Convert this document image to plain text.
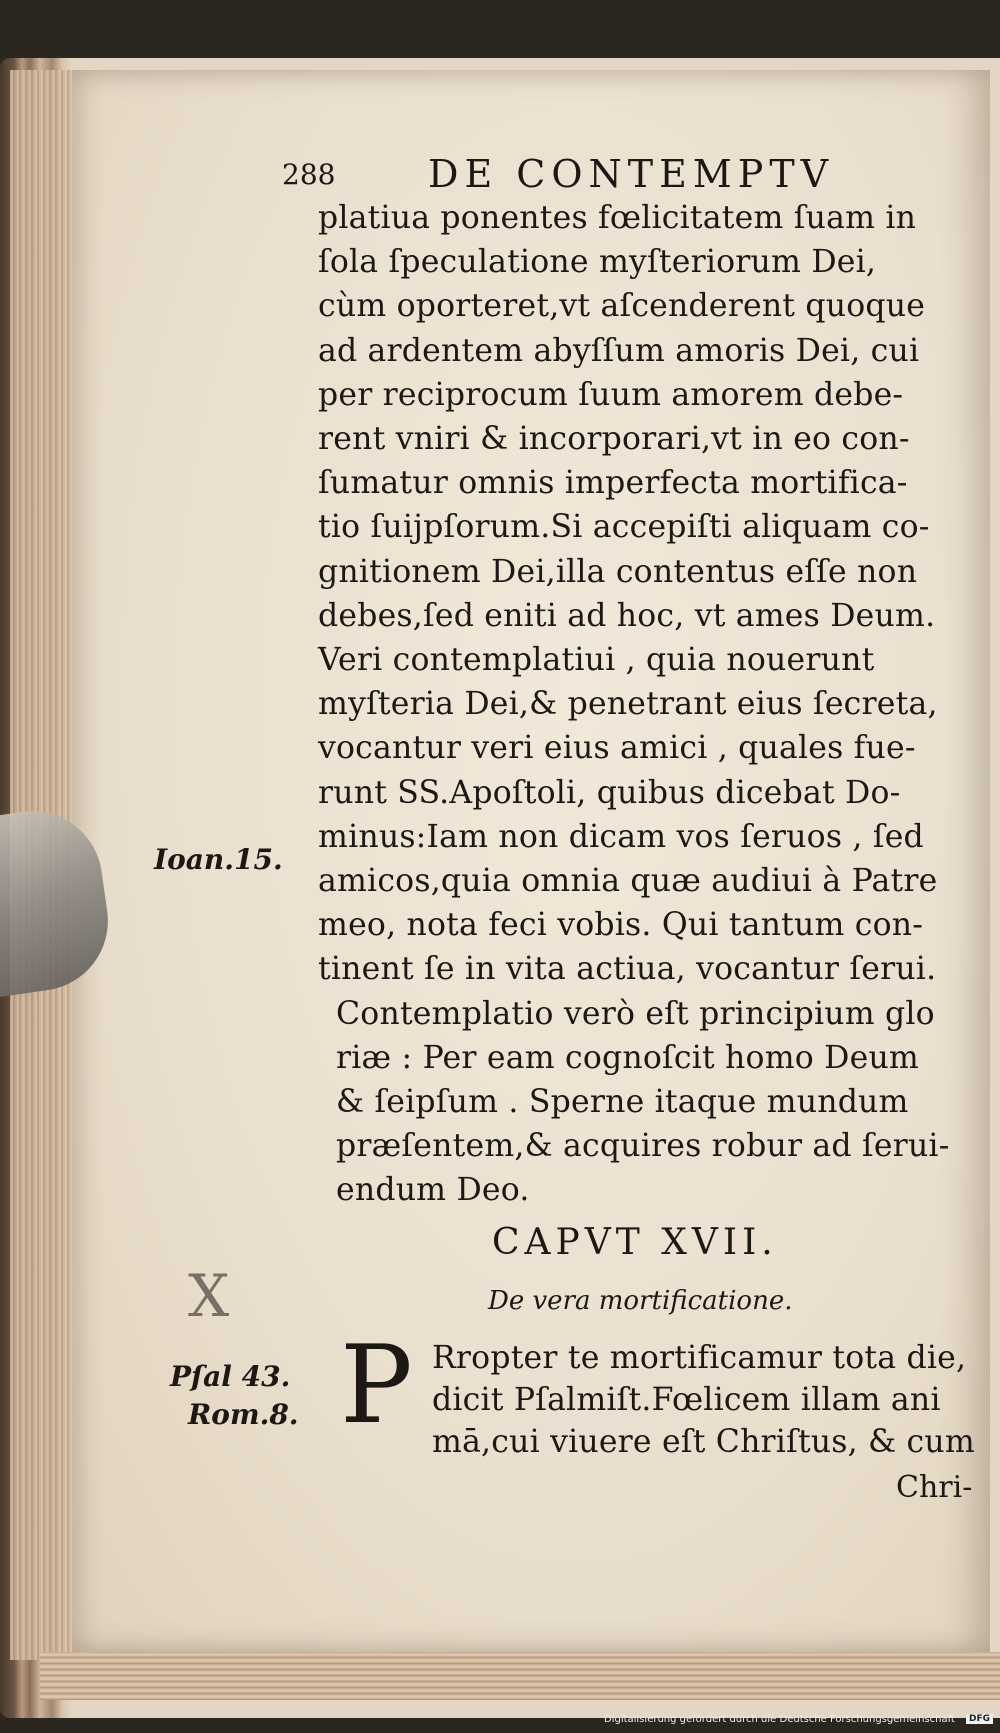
288 DE CONTEMPTV
platiua ponentes fœlicitatem ſuam in
ſola ſpeculatione myſteriorum Dei,
cùm oporteret,vt aſcenderent quoque
ad ardentem abyſſum amoris Dei, cui
per reciprocum ſuum amorem debe-
rent vniri & incorporari,vt in eo con-
ſumatur omnis imperfecta mortifica-
tio ſuijpſorum.Si accepiſti aliquam co-
gnitionem Dei,illa contentus eſſe non
debes,ſed eniti ad hoc, vt ames Deum.
Veri contemplatiui , quia nouerunt
myſteria Dei,& penetrant eius ſecreta,
vocantur veri eius amici , quales fue-
runt SS.Apoſtoli, quibus dicebat Do-
minus:Iam non dicam vos ſeruos , ſed
amicos,quia omnia quæ audiui à Patre
meo, nota feci vobis. Qui tantum con-
tinent ſe in vita actiua, vocantur ſerui.
Contemplatio verò eſt principium glo
riæ : Per eam cognoſcit homo Deum
& ſeipſum . Sperne itaque mundum
præſentem,& acquires robur ad ſerui-
endum Deo.
Ioan.15.
X
Pſal 43.
Rom.8.
CAPVT XVII.
De vera mortificatione.
P Rropter te mortificamur tota die,
dicit Pſalmiſt.Fœlicem illam ani
mā,cui viuere eſt Chriſtus, & cum
Chri-
Digitalisierung gefördert durch die Deutsche Forschungsgemeinschaft	DFG
